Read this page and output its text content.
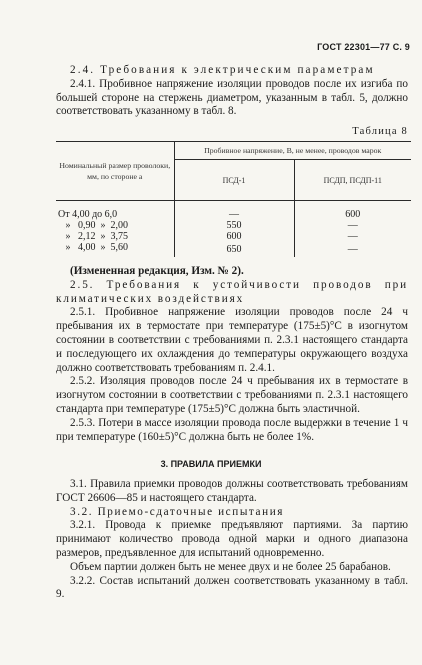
ГОСТ 22301—77 С. 9

2.4. Требования к электрическим параметрам

2.4.1. Пробивное напряжение изоляции проводов после их изгиба по большей стороне на стержень диаметром, указанным в табл. 5, должно соответствовать указанному в табл. 8.

Таблица 8
Номинальный размер проволоки, мм, по стороне a	Пробивное напряжение, В, не менее, проводов марок	
	ПСД-1	ПСДП, ПСДП-11
От 4,00 до 6,0	—	600
»   0,90  »  2,00	550	—
»   2,12  »  3,75	600	—
»   4,00  »  5,60	650	—

(Измененная редакция, Изм. № 2).

2.5. Требования к устойчивости проводов при климатических воздействиях

2.5.1. Пробивное напряжение изоляции проводов после 24 ч пребывания их в термостате при температуре (175±5)°С в изогнутом состоянии в соответствии с требованиями п. 2.3.1 настоящего стандарта и последующего их охлаждения до температуры окружающего воздуха должно соответствовать требованиям п. 2.4.1.

2.5.2. Изоляция проводов после 24 ч пребывания их в термостате в изогнутом состоянии в соответствии с требованиями п. 2.3.1 настоящего стандарта при температуре (175±5)°С должна быть эластичной.

2.5.3. Потери в массе изоляции провода после выдержки в течение 1 ч при температуре (160±5)°С должна быть не более 1%.

3. ПРАВИЛА ПРИЕМКИ

3.1. Правила приемки проводов должны соответствовать требованиям ГОСТ 26606—85 и настоящего стандарта.

3.2. Приемо-сдаточные испытания

3.2.1. Провода к приемке предъявляют партиями. За партию принимают количество провода одной марки и одного диапазона размеров, предъявленное для испытаний одновременно.

Объем партии должен быть не менее двух и не более 25 барабанов.

3.2.2. Состав испытаний должен соответствовать указанному в табл. 9.
